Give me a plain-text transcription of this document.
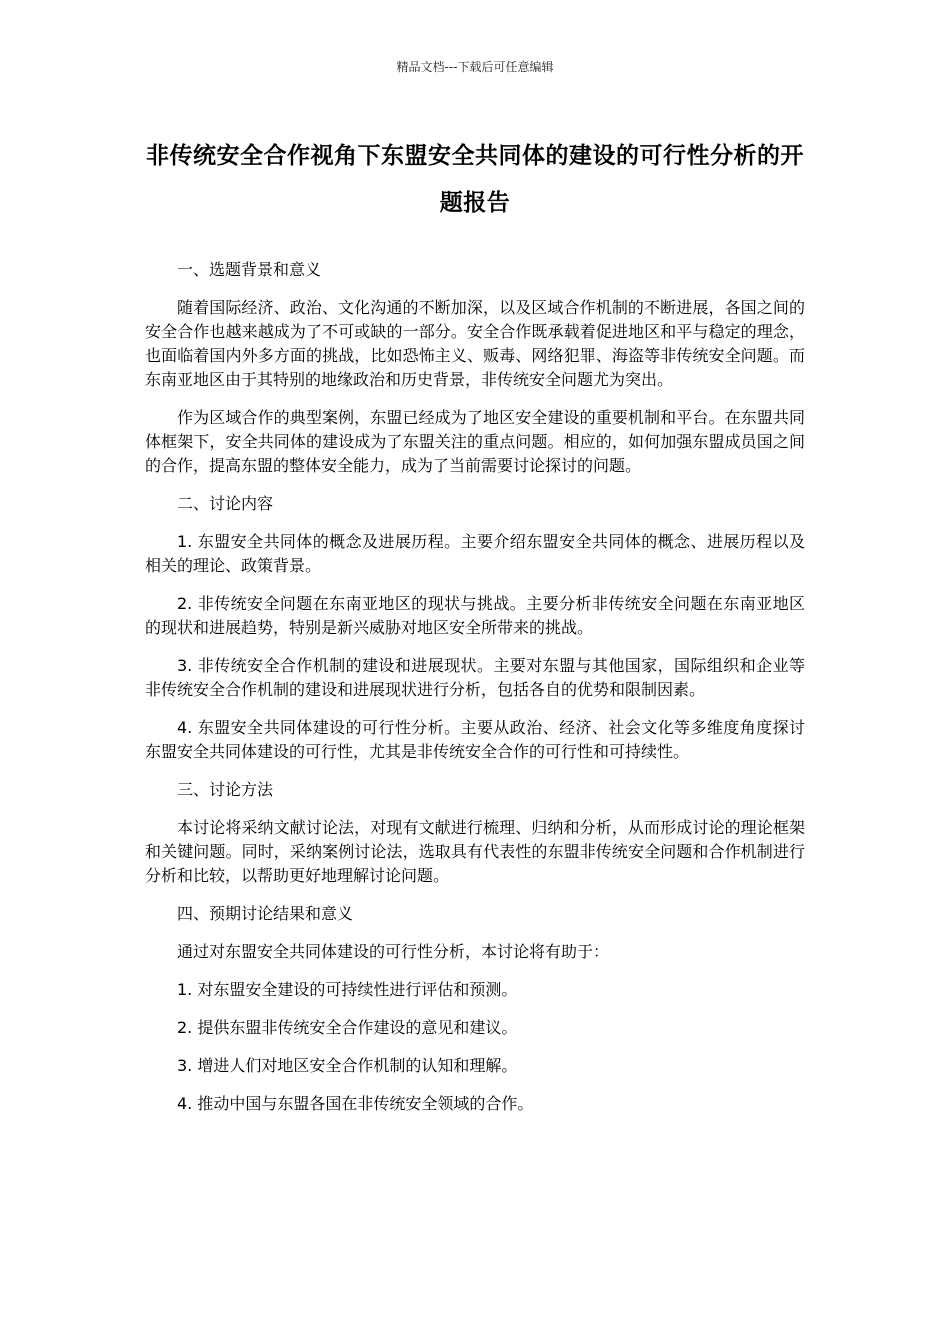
精品文档---下载后可任意编辑
非传统安全合作视角下东盟安全共同体的建设的可行性分析的开题报告

一、选题背景和意义

随着国际经济、政治、文化沟通的不断加深，以及区域合作机制的不断进展，各国之间的安全合作也越来越成为了不可或缺的一部分。安全合作既承载着促进地区和平与稳定的理念，也面临着国内外多方面的挑战，比如恐怖主义、贩毒、网络犯罪、海盗等非传统安全问题。而东南亚地区由于其特别的地缘政治和历史背景，非传统安全问题尤为突出。

作为区域合作的典型案例，东盟已经成为了地区安全建设的重要机制和平台。在东盟共同体框架下，安全共同体的建设成为了东盟关注的重点问题。相应的，如何加强东盟成员国之间的合作，提高东盟的整体安全能力，成为了当前需要讨论探讨的问题。

二、讨论内容

1. 东盟安全共同体的概念及进展历程。主要介绍东盟安全共同体的概念、进展历程以及相关的理论、政策背景。

2. 非传统安全问题在东南亚地区的现状与挑战。主要分析非传统安全问题在东南亚地区的现状和进展趋势，特别是新兴威胁对地区安全所带来的挑战。

3. 非传统安全合作机制的建设和进展现状。主要对东盟与其他国家，国际组织和企业等非传统安全合作机制的建设和进展现状进行分析，包括各自的优势和限制因素。

4. 东盟安全共同体建设的可行性分析。主要从政治、经济、社会文化等多维度角度探讨东盟安全共同体建设的可行性，尤其是非传统安全合作的可行性和可持续性。

三、讨论方法

本讨论将采纳文献讨论法，对现有文献进行梳理、归纳和分析，从而形成讨论的理论框架和关键问题。同时，采纳案例讨论法，选取具有代表性的东盟非传统安全问题和合作机制进行分析和比较，以帮助更好地理解讨论问题。

四、预期讨论结果和意义

通过对东盟安全共同体建设的可行性分析，本讨论将有助于：

1. 对东盟安全建设的可持续性进行评估和预测。

2. 提供东盟非传统安全合作建设的意见和建议。

3. 增进人们对地区安全合作机制的认知和理解。

4. 推动中国与东盟各国在非传统安全领域的合作。
